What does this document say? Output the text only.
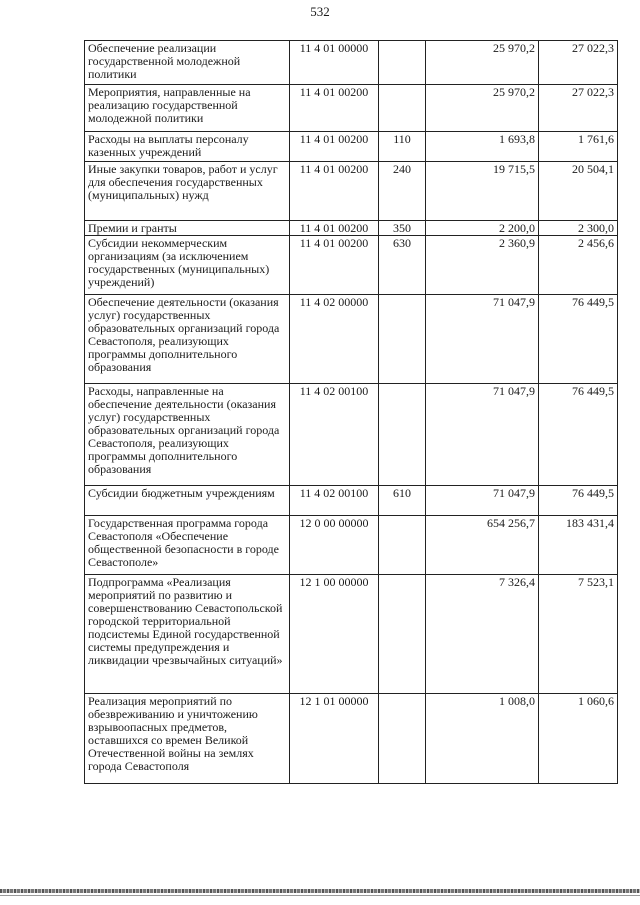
532
Обеспечение реализации государственной молодежной политики	11 4 01 00000		25 970,2	27 022,3
Мероприятия, направленные на реализацию государственной молодежной политики	11 4 01 00200		25 970,2	27 022,3
Расходы на выплаты персоналу казенных учреждений	11 4 01 00200	110	1 693,8	1 761,6
Иные закупки товаров, работ и услуг для обеспечения государственных (муниципальных) нужд	11 4 01 00200	240	19 715,5	20 504,1
Премии и гранты	11 4 01 00200	350	2 200,0	2 300,0
Субсидии некоммерческим организациям (за исключением государственных (муниципальных) учреждений)	11 4 01 00200	630	2 360,9	2 456,6
Обеспечение деятельности (оказания услуг) государственных образовательных организаций города Севастополя, реализующих программы дополнительного образования	11 4 02 00000		71 047,9	76 449,5
Расходы, направленные на обеспечение деятельности (оказания услуг) государственных образовательных организаций города Севастополя, реализующих программы дополнительного образования	11 4 02 00100		71 047,9	76 449,5
Субсидии бюджетным учреждениям	11 4 02 00100	610	71 047,9	76 449,5
Государственная программа города Севастополя «Обеспечение общественной безопасности в городе Севастополе»	12 0 00 00000		654 256,7	183 431,4
Подпрограмма «Реализация мероприятий по развитию и совершенствованию Севастопольской городской территориальной подсистемы Единой государственной системы предупреждения и ликвидации чрезвычайных ситуаций»	12 1 00 00000		7 326,4	7 523,1
Реализация мероприятий по обезвреживанию и уничтожению взрывоопасных предметов, оставшихся со времен Великой Отечественной войны на землях города Севастополя	12 1 01 00000		1 008,0	1 060,6
